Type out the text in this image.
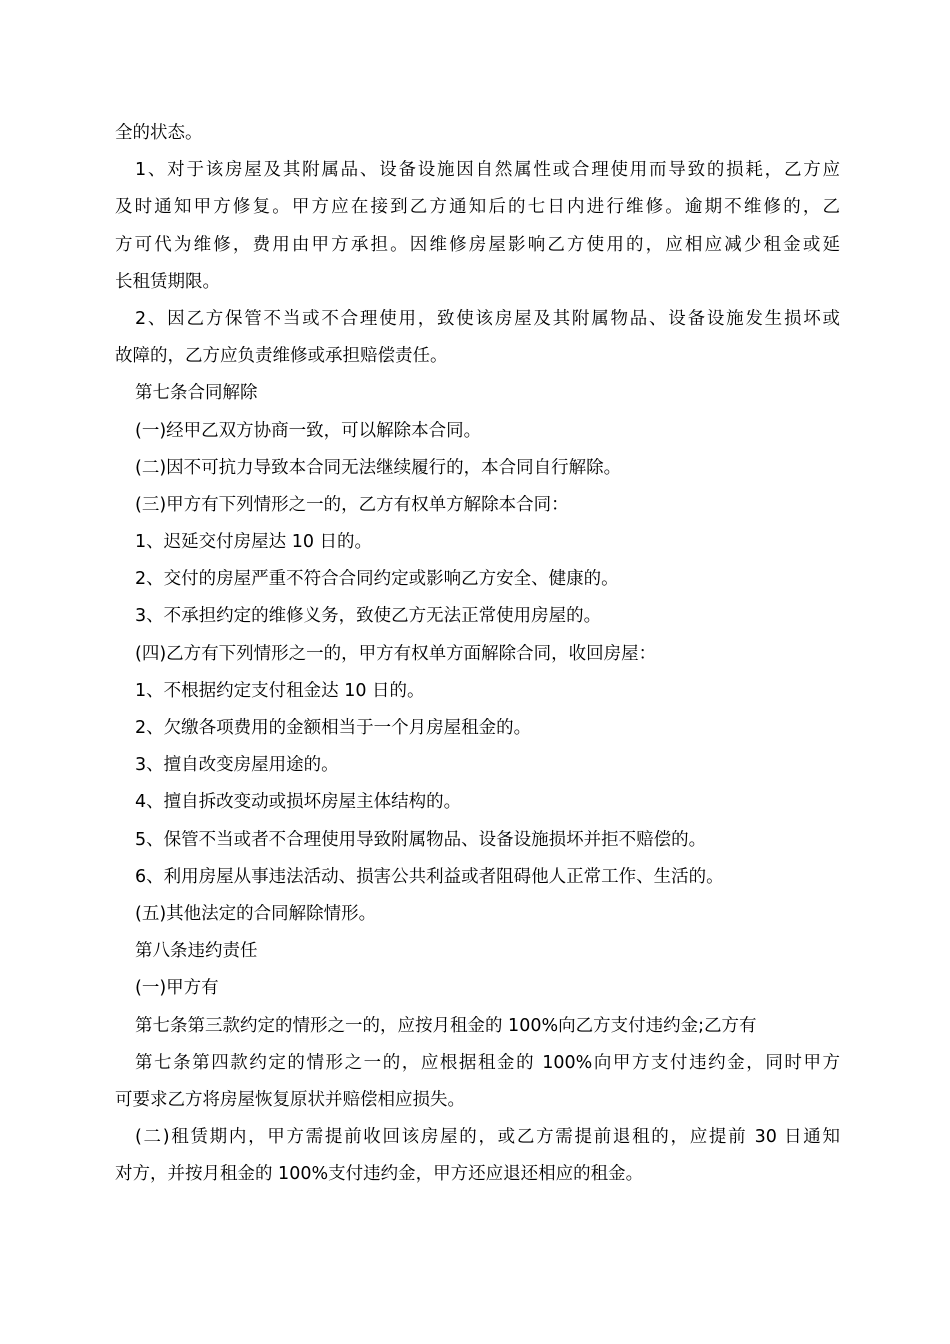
全的状态。
1、对于该房屋及其附属品、设备设施因自然属性或合理使用而导致的损耗，乙方应
及时通知甲方修复。甲方应在接到乙方通知后的七日内进行维修。逾期不维修的，乙
方可代为维修，费用由甲方承担。因维修房屋影响乙方使用的，应相应减少租金或延
长租赁期限。
2、因乙方保管不当或不合理使用，致使该房屋及其附属物品、设备设施发生损坏或
故障的，乙方应负责维修或承担赔偿责任。
第七条合同解除
(一)经甲乙双方协商一致，可以解除本合同。
(二)因不可抗力导致本合同无法继续履行的，本合同自行解除。
(三)甲方有下列情形之一的，乙方有权单方解除本合同：
1、迟延交付房屋达 10 日的。
2、交付的房屋严重不符合合同约定或影响乙方安全、健康的。
3、不承担约定的维修义务，致使乙方无法正常使用房屋的。
(四)乙方有下列情形之一的，甲方有权单方面解除合同，收回房屋：
1、不根据约定支付租金达 10 日的。
2、欠缴各项费用的金额相当于一个月房屋租金的。
3、擅自改变房屋用途的。
4、擅自拆改变动或损坏房屋主体结构的。
5、保管不当或者不合理使用导致附属物品、设备设施损坏并拒不赔偿的。
6、利用房屋从事违法活动、损害公共利益或者阻碍他人正常工作、生活的。
(五)其他法定的合同解除情形。
第八条违约责任
(一)甲方有
第七条第三款约定的情形之一的，应按月租金的 100%向乙方支付违约金;乙方有
第七条第四款约定的情形之一的，应根据租金的 100%向甲方支付违约金，同时甲方
可要求乙方将房屋恢复原状并赔偿相应损失。
(二)租赁期内，甲方需提前收回该房屋的，或乙方需提前退租的，应提前 30 日通知
对方，并按月租金的 100%支付违约金，甲方还应退还相应的租金。
